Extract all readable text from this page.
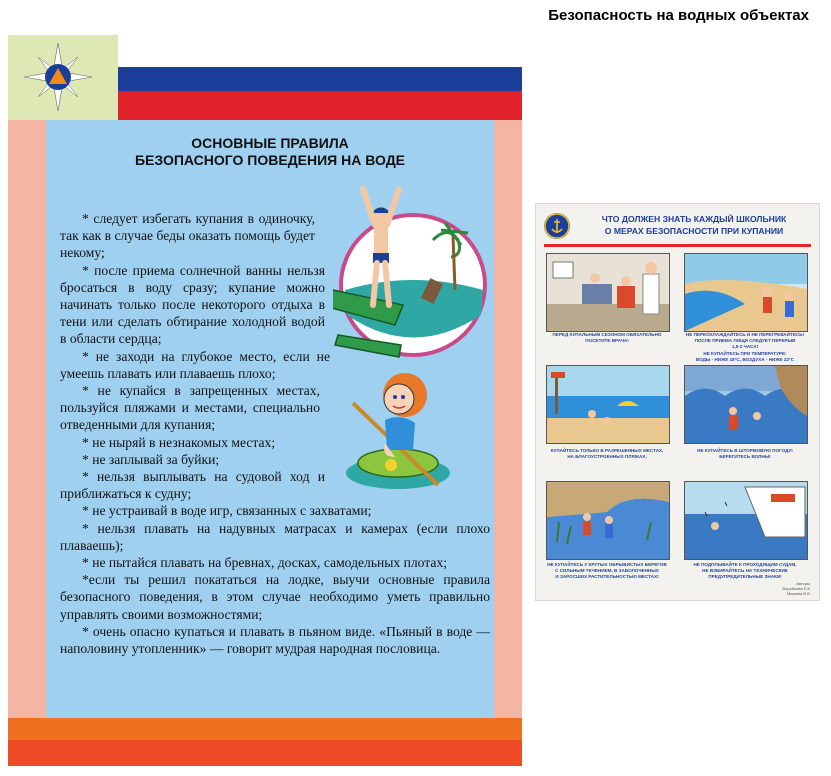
Безопасность на водных объектах
ОСНОВНЫЕ ПРАВИЛА
БЕЗОПАСНОГО ПОВЕДЕНИЯ НА ВОДЕ

* следует избегать купания в одиночку, так как в случае беды оказать помощь будет некому;

* после приема солнечной ванны нельзя бросаться в воду сразу; купание можно начинать только после некоторого отдыха в тени или сделать обтирание холодной водой в области сердца;

* не заходи на глубокое место, если не умеешь плавать или плаваешь плохо;

* не купайся в запрещенных местах, пользуйся пляжами и местами, специально отведенными для купания;

* не ныряй в незнакомых местах;

* не заплывай за буйки;

* нельзя выплывать на судовой ход и приближаться к судну;

* не устраивай в воде игр, связанных с захватами;

* нельзя плавать на надувных матрасах и камерах (если плохо плаваешь);

* не пытайся плавать на бревнах, досках, самодельных плотах;

*если ты решил покататься на лодке, выучи основные правила безопасного поведения, в этом случае необходимо уметь правильно управлять своими возможностями;

* очень опасно купаться и плавать в пьяном виде. «Пьяный в воде — наполовину утопленник» — говорит мудрая народная пословица.

ЧТО ДОЛЖЕН ЗНАТЬ КАЖДЫЙ ШКОЛЬНИК
О МЕРАХ БЕЗОПАСНОСТИ ПРИ КУПАНИИ
ПЕРЕД КУПАЛЬНЫМ СЕЗОНОМ ОБЯЗАТЕЛЬНО
ПОСЕТИТЕ ВРАЧА!
НЕ ПЕРЕОХЛАЖДАЙТЕСЬ И НЕ ПЕРЕГРЕВАЙТЕСЬ!
ПОСЛЕ ПРИЕМА ПИЩИ СЛЕДУЕТ ПЕРЕРЫВ
1,5-2 ЧАСА!
НЕ КУПАЙТЕСЬ ПРИ ТЕМПЕРАТУРЕ:
ВОДЫ - НИЖЕ 18°С, ВОЗДУХА - НИЖЕ 22°С
КУПАЙТЕСЬ ТОЛЬКО В РАЗРЕШЕННЫХ МЕСТАХ,
НА БЛАГОУСТРОЕННЫХ ПЛЯЖАХ.
НЕ КУПАЙТЕСЬ В ШТОРМОВУЮ ПОГОДУ!
БЕРЕГИТЕСЬ ВОЛНЫ!
НЕ КУПАЙТЕСЬ У КРУТЫХ ОБРЫВИСТЫХ БЕРЕГОВ
С СИЛЬНЫМ ТЕЧЕНИЕМ, В ЗАБОЛОЧЕННЫХ
И ЗАРОСШИХ РАСТИТЕЛЬНОСТЬЮ МЕСТАХ!
НЕ ПОДПЛЫВАЙТЕ К ПРОХОДЯЩИМ СУДАМ,
НЕ ВЗБИРАЙТЕСЬ НА ТЕХНИЧЕСКИЕ
ПРЕДУПРЕДИТЕЛЬНЫЕ ЗНАКИ!
Авторы:
Воробьева Е.К.
Мишина В.В.
